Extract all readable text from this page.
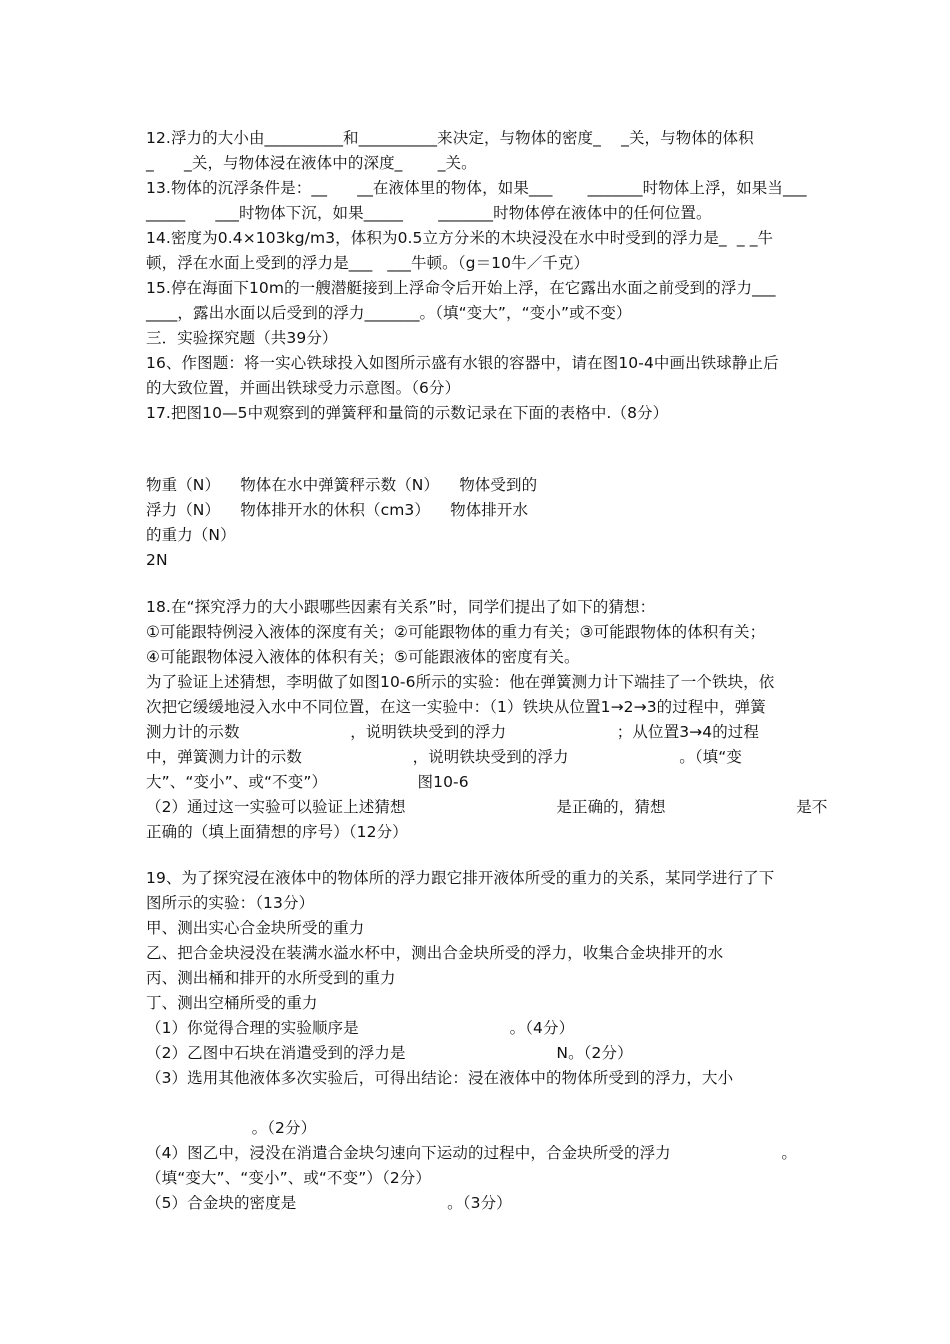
12.浮力的大小由__________和__________来决定，与物体的密度_    _关，与物体的体积
_      _关，与物体浸在液体中的深度_       _关。
13.物体的沉浮条件是：__      __在液体里的物体，如果___       _______时物体上浮，如果当___
_____      ___时物体下沉，如果_____       _______时物体停在液体中的任何位置。
14.密度为0.4×103kg/m3，体积为0.5立方分米的木块浸没在水中时受到的浮力是_  _ _牛
顿，浮在水面上受到的浮力是___   ___牛顿。（g＝10牛／千克）
15.停在海面下10m的一艘潜艇接到上浮命令后开始上浮，在它露出水面之前受到的浮力___
____，露出水面以后受到的浮力_______。（填“变大”，“变小”或不变）
三．实验探究题（共39分）
16、作图题：将一实心铁球投入如图所示盛有水银的容器中，请在图10-4中画出铁球静止后
的大致位置，并画出铁球受力示意图。（6分）
17.把图10—5中观察到的弹簧秤和量筒的示数记录在下面的表格中.（8分）
物重（N）    物体在水中弹簧秤示数（N）    物体受到的
浮力（N）    物体排开水的休积（cm3）    物体排开水
的重力（N）
2N
18.在“探究浮力的大小跟哪些因素有关系”时，同学们提出了如下的猜想：
①可能跟特例浸入液体的深度有关；②可能跟物体的重力有关；③可能跟物体的体积有关；
④可能跟物体浸入液体的体积有关；⑤可能跟液体的密度有关。
为了验证上述猜想，李明做了如图10-6所示的实验：他在弹簧测力计下端挂了一个铁块，依
次把它缓缓地浸入水中不同位置，在这一实验中：（1）铁块从位置1→2→3的过程中，弹簧
测力计的示数                      ，说明铁块受到的浮力                      ；从位置3→4的过程
中，弹簧测力计的示数                      ，说明铁块受到的浮力                      。（填“变
大”、“变小”、或“不变”）                  图10-6
（2）通过这一实验可以验证上述猜想                              是正确的，猜想                          是不
正确的（填上面猜想的序号）（12分）
19、为了探究浸在液体中的物体所的浮力跟它排开液体所受的重力的关系，某同学进行了下
图所示的实验：（13分）
甲、测出实心合金块所受的重力
乙、把合金块浸没在装满水溢水杯中，测出合金块所受的浮力，收集合金块排开的水
丙、测出桶和排开的水所受到的重力
丁、测出空桶所受的重力
（1）你觉得合理的实验顺序是                              。（4分）
（2）乙图中石块在消遣受到的浮力是                              N。（2分）
（3）选用其他液体多次实验后，可得出结论：浸在液体中的物体所受到的浮力，大小
。（2分）
（4）图乙中，浸没在消遣合金块匀速向下运动的过程中，合金块所受的浮力                      。
（填“变大”、“变小”、或“不变”）（2分）
（5）合金块的密度是                              。（3分）
